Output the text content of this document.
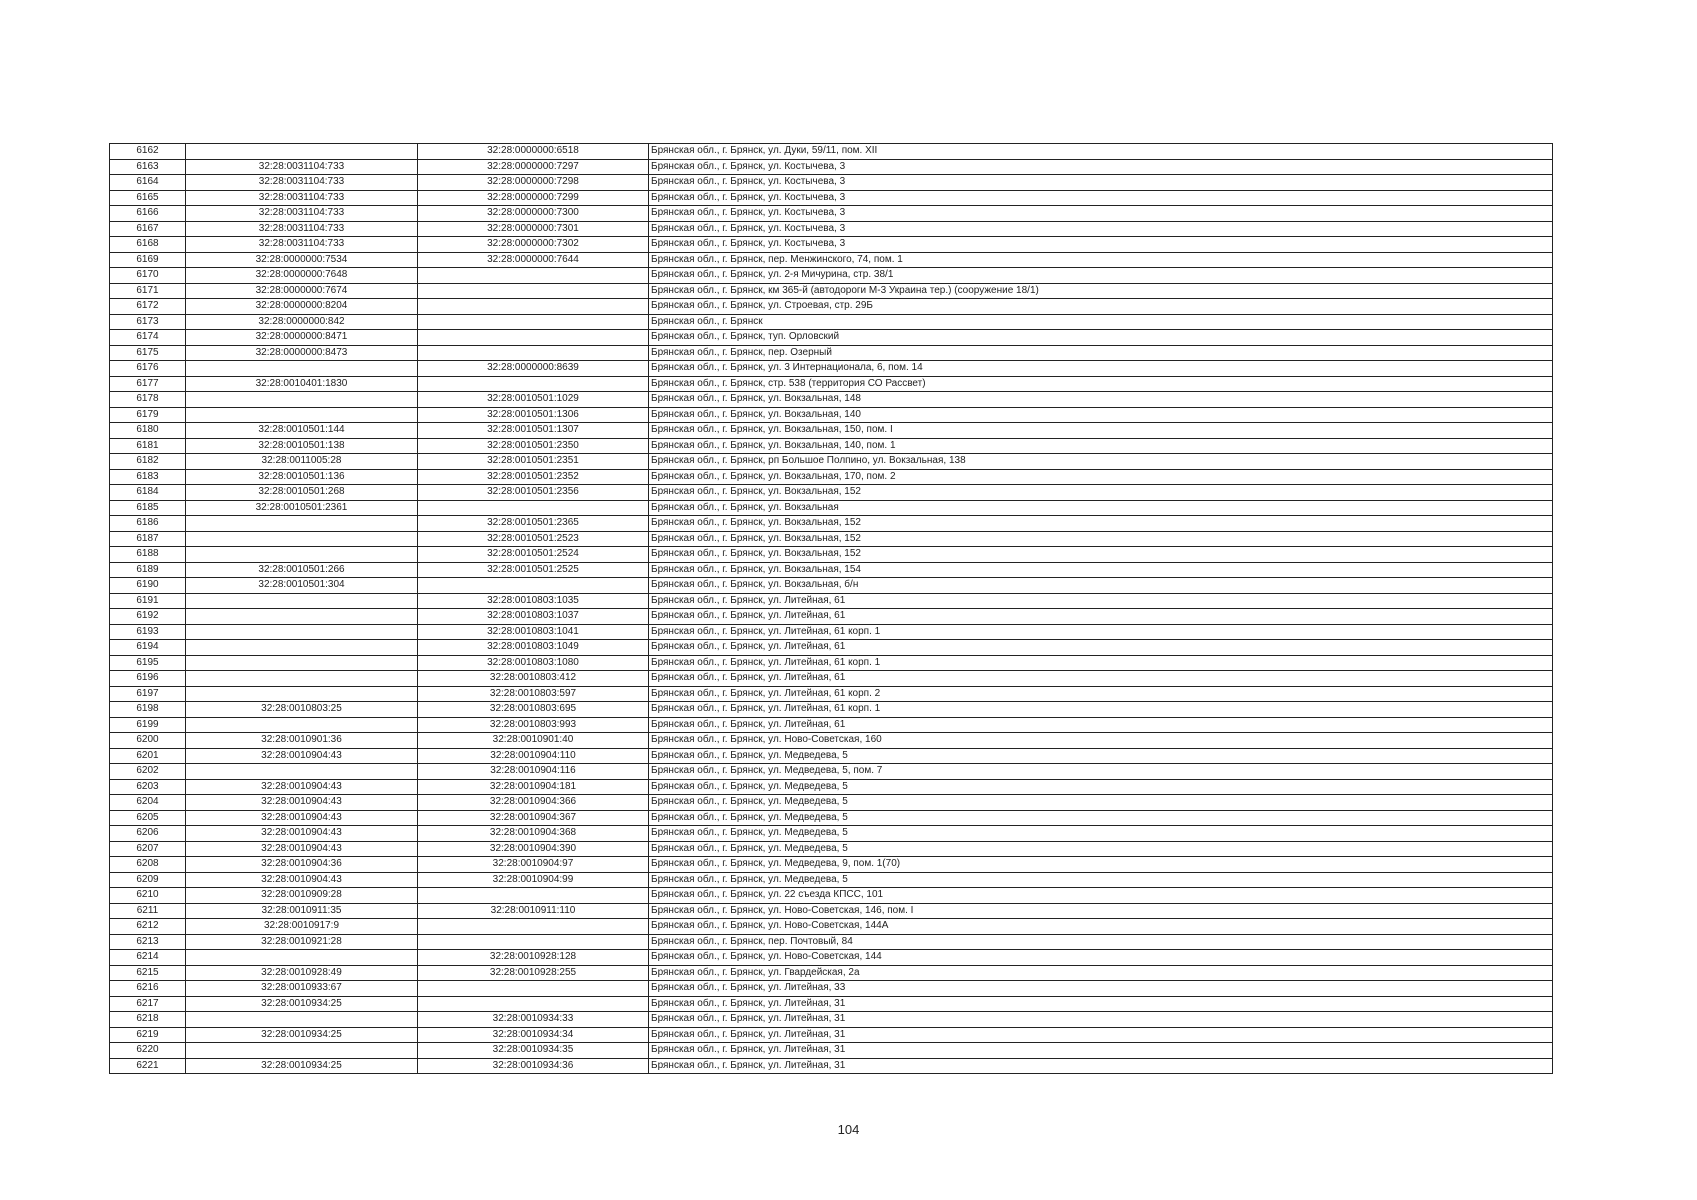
6162		32:28:0000000:6518	Брянская обл., г. Брянск, ул. Дуки, 59/11, пом. XII
6163	32:28:0031104:733	32:28:0000000:7297	Брянская обл., г. Брянск, ул. Костычева, 3
6164	32:28:0031104:733	32:28:0000000:7298	Брянская обл., г. Брянск, ул. Костычева, 3
6165	32:28:0031104:733	32:28:0000000:7299	Брянская обл., г. Брянск, ул. Костычева, 3
6166	32:28:0031104:733	32:28:0000000:7300	Брянская обл., г. Брянск, ул. Костычева, 3
6167	32:28:0031104:733	32:28:0000000:7301	Брянская обл., г. Брянск, ул. Костычева, 3
6168	32:28:0031104:733	32:28:0000000:7302	Брянская обл., г. Брянск, ул. Костычева, 3
6169	32:28:0000000:7534	32:28:0000000:7644	Брянская обл., г. Брянск, пер. Менжинского, 74, пом. 1
6170	32:28:0000000:7648		Брянская обл., г. Брянск, ул. 2-я Мичурина, стр. 38/1
6171	32:28:0000000:7674		Брянская обл., г. Брянск, км 365-й (автодороги М-3 Украина тер.) (сооружение 18/1)
6172	32:28:0000000:8204		Брянская обл., г. Брянск, ул. Строевая, стр. 29Б
6173	32:28:0000000:842		Брянская обл., г. Брянск
6174	32:28:0000000:8471		Брянская обл., г. Брянск, туп. Орловский
6175	32:28:0000000:8473		Брянская обл., г. Брянск, пер. Озерный
6176		32:28:0000000:8639	Брянская обл., г. Брянск, ул. 3 Интернационала, 6, пом. 14
6177	32:28:0010401:1830		Брянская обл., г. Брянск, стр. 538 (территория СО Рассвет)
6178		32:28:0010501:1029	Брянская обл., г. Брянск, ул. Вокзальная, 148
6179		32:28:0010501:1306	Брянская обл., г. Брянск, ул. Вокзальная, 140
6180	32:28:0010501:144	32:28:0010501:1307	Брянская обл., г. Брянск, ул. Вокзальная, 150, пом. I
6181	32:28:0010501:138	32:28:0010501:2350	Брянская обл., г. Брянск, ул. Вокзальная, 140, пом. 1
6182	32:28:0011005:28	32:28:0010501:2351	Брянская обл., г. Брянск, рп Большое Полпино, ул. Вокзальная, 138
6183	32:28:0010501:136	32:28:0010501:2352	Брянская обл., г. Брянск, ул. Вокзальная, 170, пом. 2
6184	32:28:0010501:268	32:28:0010501:2356	Брянская обл., г. Брянск, ул. Вокзальная, 152
6185	32:28:0010501:2361		Брянская обл., г. Брянск, ул. Вокзальная
6186		32:28:0010501:2365	Брянская обл., г. Брянск, ул. Вокзальная, 152
6187		32:28:0010501:2523	Брянская обл., г. Брянск, ул. Вокзальная, 152
6188		32:28:0010501:2524	Брянская обл., г. Брянск, ул. Вокзальная, 152
6189	32:28:0010501:266	32:28:0010501:2525	Брянская обл., г. Брянск, ул. Вокзальная, 154
6190	32:28:0010501:304		Брянская обл., г. Брянск, ул. Вокзальная, б/н
6191		32:28:0010803:1035	Брянская обл., г. Брянск, ул. Литейная, 61
6192		32:28:0010803:1037	Брянская обл., г. Брянск, ул. Литейная, 61
6193		32:28:0010803:1041	Брянская обл., г. Брянск, ул. Литейная, 61 корп. 1
6194		32:28:0010803:1049	Брянская обл., г. Брянск, ул. Литейная, 61
6195		32:28:0010803:1080	Брянская обл., г. Брянск, ул. Литейная, 61 корп. 1
6196		32:28:0010803:412	Брянская обл., г. Брянск, ул. Литейная, 61
6197		32:28:0010803:597	Брянская обл., г. Брянск, ул. Литейная, 61 корп. 2
6198	32:28:0010803:25	32:28:0010803:695	Брянская обл., г. Брянск, ул. Литейная, 61 корп. 1
6199		32:28:0010803:993	Брянская обл., г. Брянск, ул. Литейная, 61
6200	32:28:0010901:36	32:28:0010901:40	Брянская обл., г. Брянск, ул. Ново-Советская, 160
6201	32:28:0010904:43	32:28:0010904:110	Брянская обл., г. Брянск, ул. Медведева, 5
6202		32:28:0010904:116	Брянская обл., г. Брянск, ул. Медведева, 5, пом. 7
6203	32:28:0010904:43	32:28:0010904:181	Брянская обл., г. Брянск, ул. Медведева, 5
6204	32:28:0010904:43	32:28:0010904:366	Брянская обл., г. Брянск, ул. Медведева, 5
6205	32:28:0010904:43	32:28:0010904:367	Брянская обл., г. Брянск, ул. Медведева, 5
6206	32:28:0010904:43	32:28:0010904:368	Брянская обл., г. Брянск, ул. Медведева, 5
6207	32:28:0010904:43	32:28:0010904:390	Брянская обл., г. Брянск, ул. Медведева, 5
6208	32:28:0010904:36	32:28:0010904:97	Брянская обл., г. Брянск, ул. Медведева, 9, пом. 1(70)
6209	32:28:0010904:43	32:28:0010904:99	Брянская обл., г. Брянск, ул. Медведева, 5
6210	32:28:0010909:28		Брянская обл., г. Брянск, ул. 22 съезда КПСС, 101
6211	32:28:0010911:35	32:28:0010911:110	Брянская обл., г. Брянск, ул. Ново-Советская, 146, пом. I
6212	32:28:0010917:9		Брянская обл., г. Брянск, ул. Ново-Советская, 144А
6213	32:28:0010921:28		Брянская обл., г. Брянск, пер. Почтовый, 84
6214		32:28:0010928:128	Брянская обл., г. Брянск, ул. Ново-Советская, 144
6215	32:28:0010928:49	32:28:0010928:255	Брянская обл., г. Брянск, ул. Гвардейская, 2а
6216	32:28:0010933:67		Брянская обл., г. Брянск, ул. Литейная, 33
6217	32:28:0010934:25		Брянская обл., г. Брянск, ул. Литейная, 31
6218		32:28:0010934:33	Брянская обл., г. Брянск, ул. Литейная, 31
6219	32:28:0010934:25	32:28:0010934:34	Брянская обл., г. Брянск, ул. Литейная, 31
6220		32:28:0010934:35	Брянская обл., г. Брянск, ул. Литейная, 31
6221	32:28:0010934:25	32:28:0010934:36	Брянская обл., г. Брянск, ул. Литейная, 31
104
